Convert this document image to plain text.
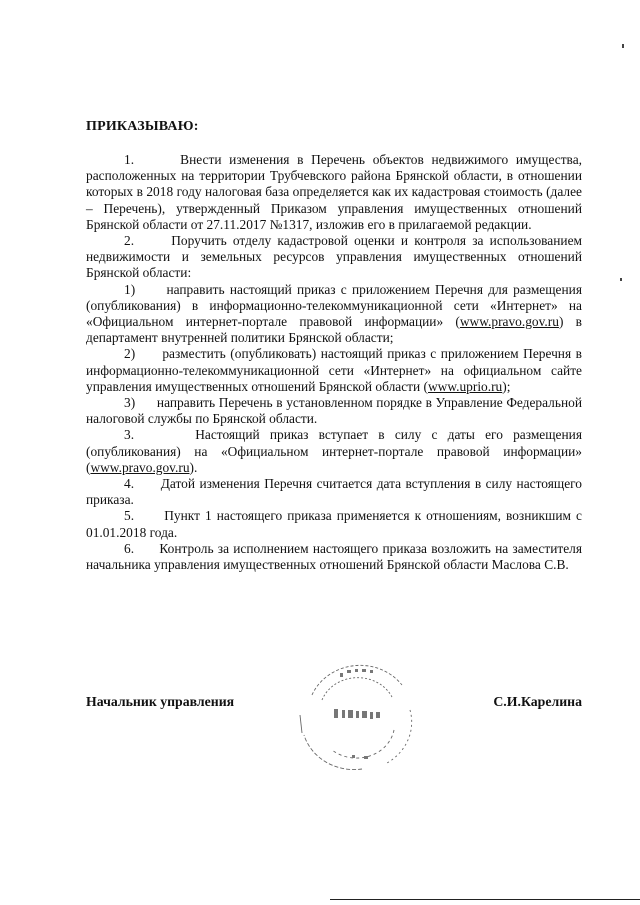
ПРИКАЗЫВАЮ:

1.      Внести изменения в Перечень объектов недвижимого имущества, расположенных на территории Трубчевского района Брянской области, в отношении которых в 2018 году налоговая база определяется как их кадастровая стоимость (далее – Перечень), утвержденный Приказом управления имущественных отношений Брянской области от 27.11.2017 №1317, изложив его в прилагаемой редакции.

2.      Поручить отделу кадастровой оценки и контроля за использованием недвижимости и земельных ресурсов управления имущественных отношений Брянской области:

1)      направить настоящий приказ с приложением Перечня для размещения (опубликования) в информационно-телекоммуникационной сети «Интернет» на «Официальном интернет-портале правовой информации» (www.pravo.gov.ru) в департамент внутренней политики Брянской области;

2)      разместить (опубликовать) настоящий приказ с приложением Перечня в информационно-телекоммуникационной сети «Интернет» на официальном сайте управления имущественных отношений Брянской области (www.uprio.ru);

3)      направить Перечень в установленном порядке в Управление Федеральной налоговой службы по Брянской области.

3.      Настоящий приказ вступает в силу с даты его размещения (опубликования) на «Официальном интернет-портале правовой информации» (www.pravo.gov.ru).

4.      Датой изменения Перечня считается дата вступления в силу настоящего приказа.

5.      Пункт 1 настоящего приказа применяется к отношениям, возникшим с 01.01.2018 года.

6.      Контроль за исполнением настоящего приказа возложить на заместителя начальника управления имущественных отношений Брянской области Маслова С.В.

Начальник управления	С.И.Карелина
